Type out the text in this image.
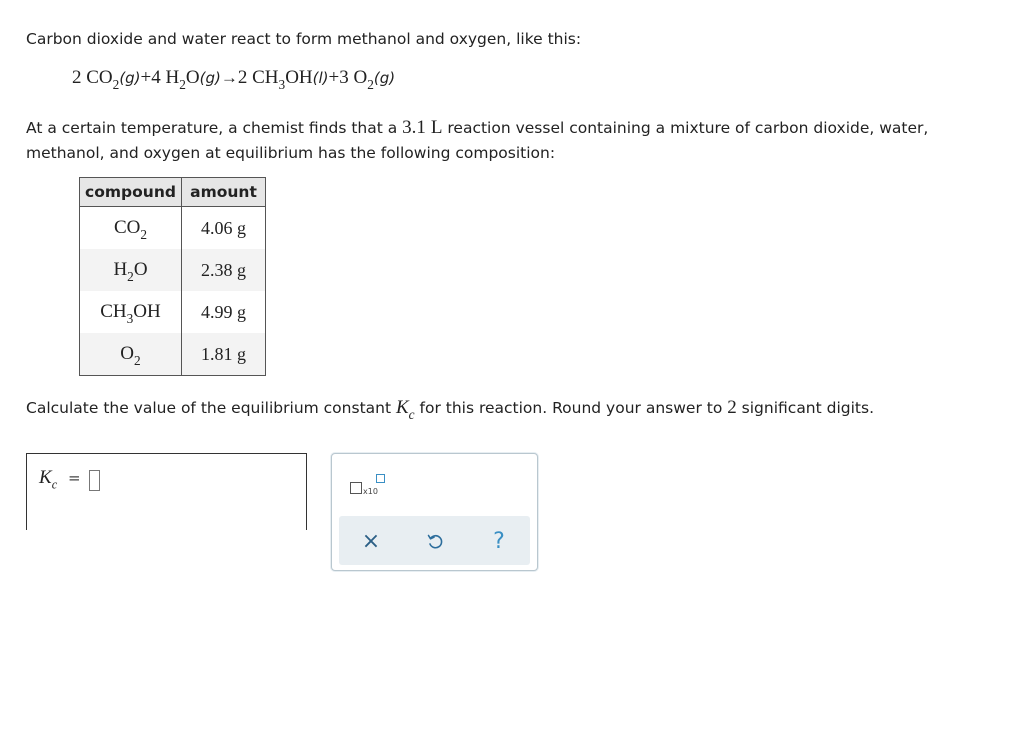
Carbon dioxide and water react to form methanol and oxygen, like this:
2 $CO_2(g)+4$ $H_2O(g)\to 2$ $CH_3OH(l)+3$ $O_2(g)$
At a certain temperature, a chemist finds that a 3.1 L reaction vessel containing a mixture of carbon dioxide, water, methanol, and oxygen at equilibrium has the following composition:
compound	amount
$CO_2$	4.06 g
$H_2O$	2.38 g
$CH_3OH$	4.99 g
$O_2$	1.81 g
Calculate the value of the equilibrium constant $K_c$ for this reaction. Round your answer to 2 significant digits.
$K_c$ =
x10
×	?
